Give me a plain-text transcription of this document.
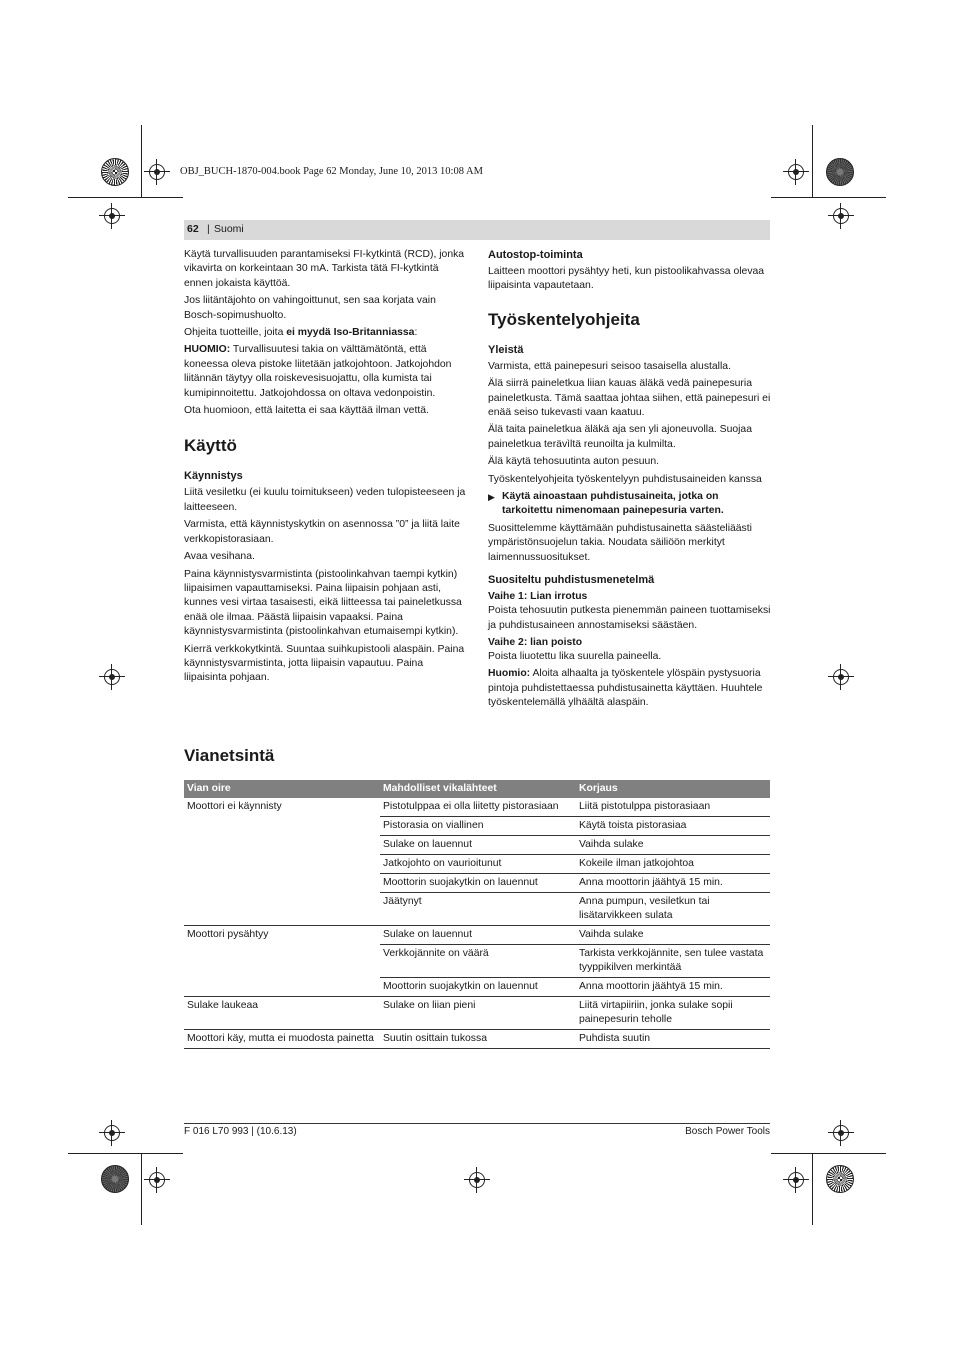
OBJ_BUCH-1870-004.book Page 62 Monday, June 10, 2013 10:08 AM
62 | Suomi

Käytä turvallisuuden parantamiseksi FI-kytkintä (RCD), jonka vikavirta on korkeintaan 30 mA. Tarkista tätä FI-kytkintä ennen jokaista käyttöä.

Jos liitäntäjohto on vahingoittunut, sen saa korjata vain Bosch-sopimushuolto.

Ohjeita tuotteille, joita ei myydä Iso-Britanniassa:

HUOMIO: Turvallisuutesi takia on välttämätöntä, että koneessa oleva pistoke liitetään jatkojohtoon. Jatkojohdon liitännän täytyy olla roiskevesisuojattu, olla kumista tai kumipinnoitettu. Jatkojohdossa on oltava vedonpoistin.

Ota huomioon, että laitetta ei saa käyttää ilman vettä.

Käyttö
Käynnistys

Liitä vesiletku (ei kuulu toimitukseen) veden tulopisteeseen ja laitteeseen.

Varmista, että käynnistyskytkin on asennossa ”0” ja liitä laite verkkopistorasiaan.

Avaa vesihana.

Paina käynnistysvarmistinta (pistoolinkahvan taempi kytkin) liipaisimen vapauttamiseksi. Paina liipaisin pohjaan asti, kunnes vesi virtaa tasaisesti, eikä liitteessa tai paineletkussa enää ole ilmaa. Päästä liipaisin vapaaksi. Paina käynnistysvarmistinta (pistoolinkahvan etumaisempi kytkin).

Kierrä verkkokytkintä. Suuntaa suihkupistooli alaspäin. Paina käynnistysvarmistinta, jotta liipaisin vapautuu. Paina liipaisinta pohjaan.

Autostop-toiminta

Laitteen moottori pysähtyy heti, kun pistoolikahvassa olevaa liipaisinta vapautetaan.

Työskentelyohjeita
Yleistä

Varmista, että painepesuri seisoo tasaisella alustalla.

Älä siirrä paineletkua liian kauas äläkä vedä painepesuria paineletkusta. Tämä saattaa johtaa siihen, että painepesuri ei enää seiso tukevasti vaan kaatuu.

Älä taita paineletkua äläkä aja sen yli ajoneuvolla. Suojaa paineletkua terävìltä reunoilta ja kulmilta.

Älä käytä tehosuutinta auton pesuun.

Työskentelyohjeita työskentelyyn puhdistusaineiden kanssa

▶ Käytä ainoastaan puhdistusaineita, jotka on tarkoitettu nimenomaan painepesuria varten.

Suosittelemme käyttämään puhdistusainetta säästeliäästi ympäristönsuojelun takia. Noudata säiliöön merkityt laimennussuositukset.

Suositeltu puhdistusmenetelmä
Vaihe 1: Lian irrotus

Poista tehosuutin putkesta pienemmän paineen tuottamiseksi ja puhdistusaineen annostamiseksi säästäen.

Vaihe 2: lian poisto

Poista liuotettu lika suurella paineella.

Huomio: Aloita alhaalta ja työskentele ylöspäin pystysuoria pintoja puhdistettaessa puhdistusainetta käyttäen. Huuhtele työskentelemällä ylhäältä alaspäin.

Vianetsintä
Vian oire	Mahdolliset vikalähteet	Korjaus
Moottori ei käynnisty	Pistotulppaa ei olla liitetty pistorasiaan	Liitä pistotulppa pistorasiaan
	Pistorasia on viallinen	Käytä toista pistorasiaa
	Sulake on lauennut	Vaihda sulake
	Jatkojohto on vaurioitunut	Kokeile ilman jatkojohtoa
	Moottorin suojakytkin on lauennut	Anna moottorin jäähtyä 15 min.
	Jäätynyt	Anna pumpun, vesiletkun tai lisätarvikkeen sulata
Moottori pysähtyy	Sulake on lauennut	Vaihda sulake
	Verkkojännite on väärä	Tarkista verkkojännite, sen tulee vastata tyyppikilven merkintää
	Moottorin suojakytkin on lauennut	Anna moottorin jäähtyä 15 min.
Sulake laukeaa	Sulake on liian pieni	Liitä virtapiiriin, jonka sulake sopii painepesurin teholle
Moottori käy, mutta ei muodosta painetta	Suutin osittain tukossa	Puhdista suutin
F 016 L70 993 | (10.6.13)	Bosch Power Tools
